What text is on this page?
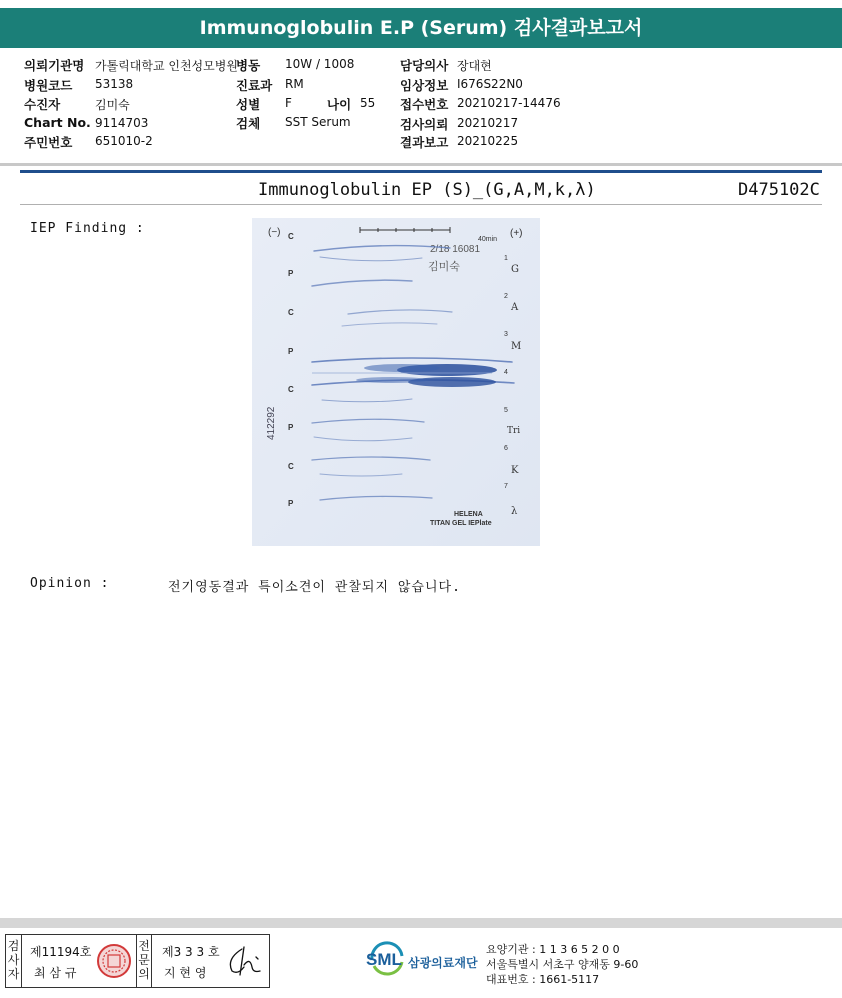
Immunoglobulin E.P (Serum) 검사결과보고서
의뢰기관명 가톨릭대학교 인천성모병원
병동 10W / 1008	담당의사 장대현
병원코드 53138	진료과 RM	임상정보 I676S22N0
수진자	김미숙	성별 F	나이 55 접수번호 20210217-14476
Chart No. 9114703	검체 SST Serum	검사의뢰 20210217
주민번호 651010-2	결과보고 20210225
Immunoglobulin EP (S)_(G,A,M,k,λ)	D475102C
IEP Finding :	(−)	(+)
40min
2/18 16081
김미숙
412292
C
P
C
P
C
P
C
P
1
2
3
4
5
6
7
G
A
M
Tri
K
λ
HELENA
TITAN GEL IEPlate
Opinion :	전기영동결과 특이소견이 관찰되지 않습니다.
검사자
제11194호
최 삼 규
전문의
제3 3 3 호
지 현 영
SML 삼광의료재단
요양기관 : 1 1 3 6 5 2 0 0
서울특별시 서초구 양재동 9-60
대표번호 : 1661-5117
